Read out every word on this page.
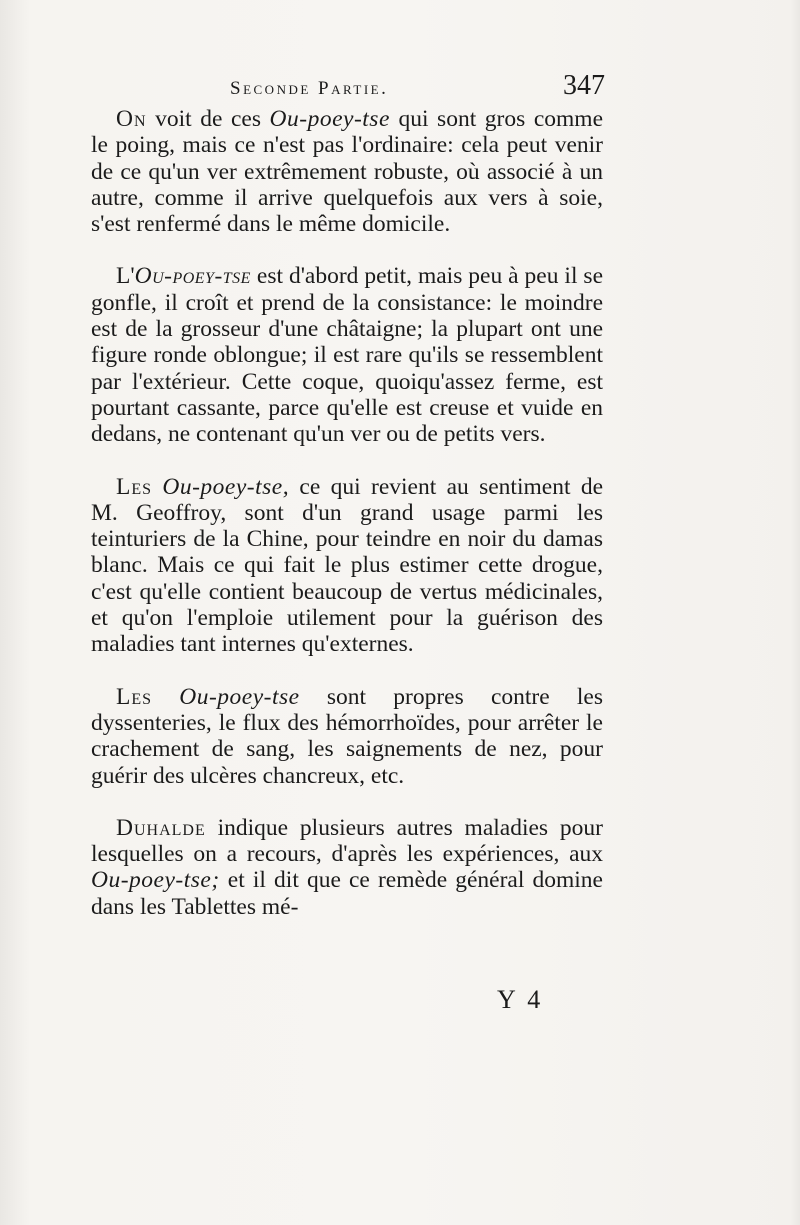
Seconde Partie.	347

On voit de ces Ou-poey-tse qui sont gros comme le poing, mais ce n'est pas l'ordinaire: cela peut venir de ce qu'un ver extrêmement robuste, où associé à un autre, comme il arrive quelquefois aux vers à soie, s'est renfermé dans le même domicile.

L'Ou-poey-tse est d'abord petit, mais peu à peu il se gonfle, il croît et prend de la consistance: le moindre est de la grosseur d'une châtaigne; la plupart ont une figure ronde oblongue; il est rare qu'ils se ressemblent par l'extérieur. Cette coque, quoiqu'assez ferme, est pourtant cassante, parce qu'elle est creuse et vuide en dedans, ne contenant qu'un ver ou de petits vers.

Les Ou-poey-tse, ce qui revient au sentiment de M. Geoffroy, sont d'un grand usage parmi les teinturiers de la Chine, pour teindre en noir du damas blanc. Mais ce qui fait le plus estimer cette drogue, c'est qu'elle contient beaucoup de vertus médicinales, et qu'on l'emploie utilement pour la guérison des maladies tant internes qu'externes.

Les Ou-poey-tse sont propres contre les dyssenteries, le flux des hémorrhoïdes, pour arrêter le crachement de sang, les saignements de nez, pour guérir des ulcères chancreux, etc.

Duhalde indique plusieurs autres maladies pour lesquelles on a recours, d'après les expériences, aux Ou-poey-tse; et il dit que ce remède général domine dans les Tablettes mé-

Y 4
